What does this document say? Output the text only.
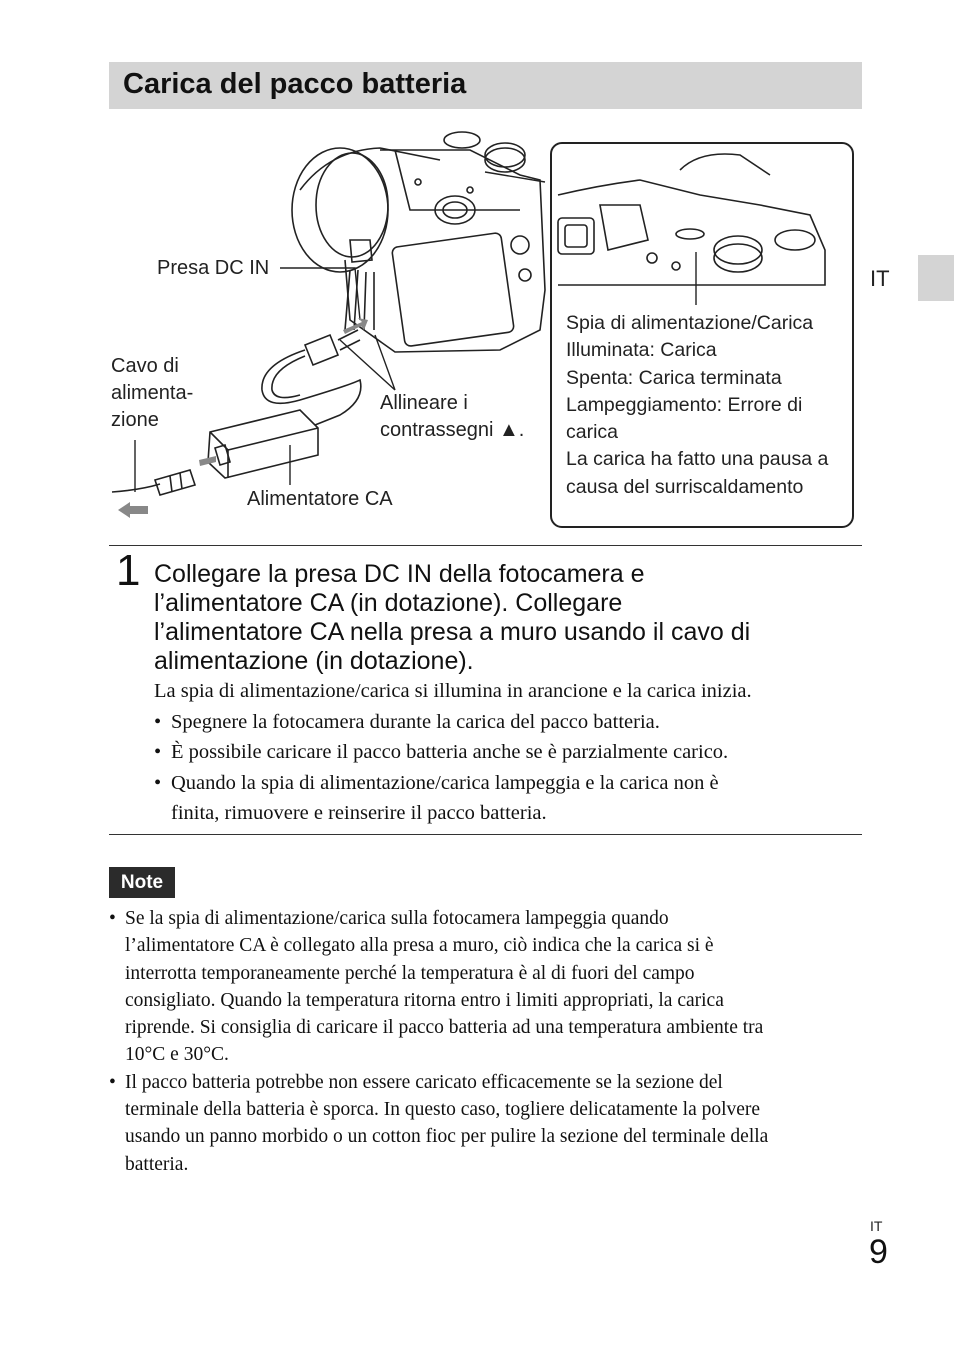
Carica del pacco batteria
IT
Presa DC IN
Cavo di
alimenta-
zione
Allineare i
contrassegni ▲.
Alimentatore CA
Spia di alimentazione/Carica
Illuminata: Carica
Spenta: Carica terminata
Lampeggiamento: Errore di
carica
La carica ha fatto una pausa a
causa del surriscaldamento
1 Collegare la presa DC IN della fotocamera e
l’alimentatore CA (in dotazione). Collegare
l’alimentatore CA nella presa a muro usando il cavo di
alimentazione (in dotazione).
La spia di alimentazione/carica si illumina in arancione e la carica inizia.
• Spegnere la fotocamera durante la carica del pacco batteria.
• È possibile caricare il pacco batteria anche se è parzialmente carico.
• Quando la spia di alimentazione/carica lampeggia e la carica non è
finita, rimuovere e reinserire il pacco batteria.
Note
• Se la spia di alimentazione/carica sulla fotocamera lampeggia quando
l’alimentatore CA è collegato alla presa a muro, ciò indica che la carica si è
interrotta temporaneamente perché la temperatura è al di fuori del campo
consigliato. Quando la temperatura ritorna entro i limiti appropriati, la carica
riprende. Si consiglia di caricare il pacco batteria ad una temperatura ambiente tra
10°C e 30°C.
• Il pacco batteria potrebbe non essere caricato efficacemente se la sezione del
terminale della batteria è sporca. In questo caso, togliere delicatamente la polvere
usando un panno morbido o un cotton fioc per pulire la sezione del terminale della
batteria.
IT
9
